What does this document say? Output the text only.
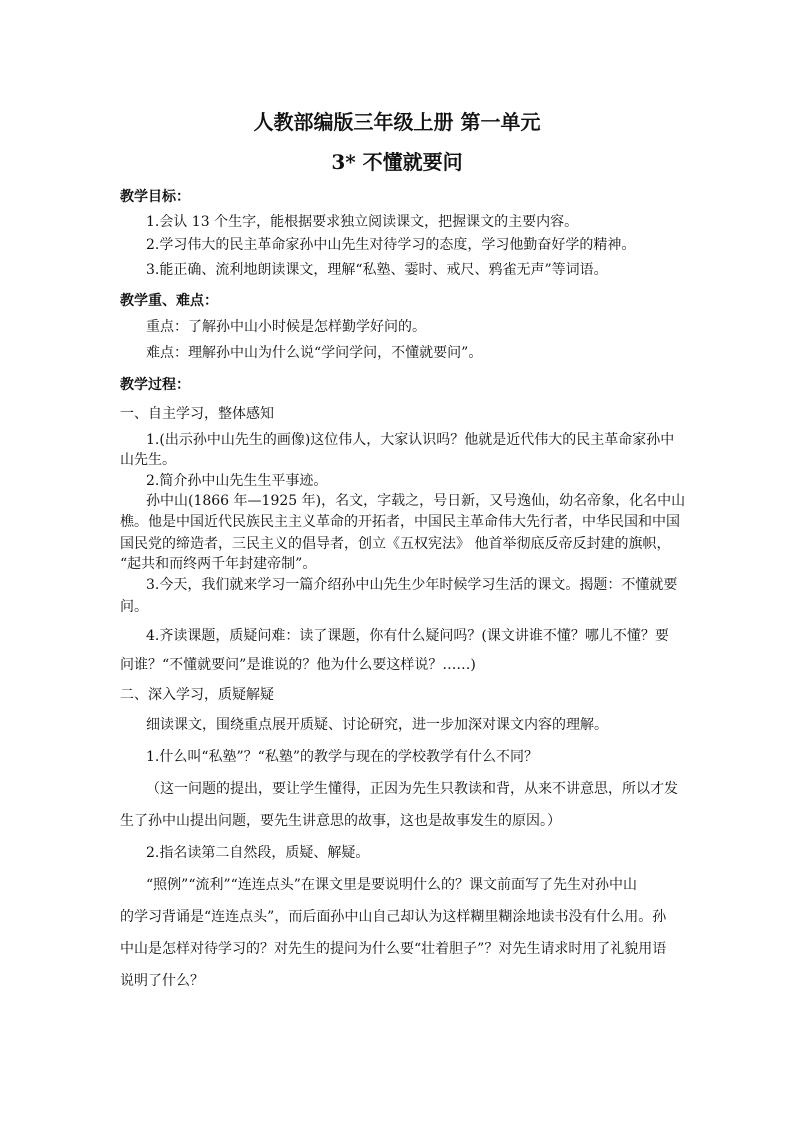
人教部编版三年级上册 第一单元
3* 不懂就要问
教学目标：
1.会认 13 个生字，能根据要求独立阅读课文，把握课文的主要内容。
2.学习伟大的民主革命家孙中山先生对待学习的态度，学习他勤奋好学的精神。
3.能正确、流利地朗读课文，理解“私塾、霎时、戒尺、鸦雀无声”等词语。
教学重、难点：
重点：了解孙中山小时候是怎样勤学好问的。
难点：理解孙中山为什么说“学问学问，不懂就要问”。
教学过程：
一、自主学习，整体感知
1.(出示孙中山先生的画像)这位伟人，大家认识吗？他就是近代伟大的民主革命家孙中
山先生。
2.简介孙中山先生生平事迹。
孙中山(1866 年—1925 年)，名文，字载之，号日新，又号逸仙，幼名帝象，化名中山
樵。他是中国近代民族民主主义革命的开拓者，中国民主革命伟大先行者，中华民国和中国
国民党的缔造者，三民主义的倡导者，创立《五权宪法》 他首举彻底反帝反封建的旗帜，
“起共和而终两千年封建帝制”。
3.今天，我们就来学习一篇介绍孙中山先生少年时候学习生活的课文。揭题：不懂就要
问。
4.齐读课题，质疑问难：读了课题，你有什么疑问吗？(课文讲谁不懂？哪儿不懂？要
问谁？“不懂就要问”是谁说的？他为什么要这样说？……)
二、深入学习，质疑解疑
细读课文，围绕重点展开质疑、讨论研究，进一步加深对课文内容的理解。
1.什么叫“私塾”？“私塾”的教学与现在的学校教学有什么不同？
（这一问题的提出，要让学生懂得，正因为先生只教读和背，从来不讲意思，所以才发
生了孙中山提出问题，要先生讲意思的故事，这也是故事发生的原因。）
2.指名读第二自然段，质疑、解疑。
“照例”“流利”“连连点头”在课文里是要说明什么的？课文前面写了先生对孙中山
的学习背诵是“连连点头”，而后面孙中山自己却认为这样糊里糊涂地读书没有什么用。孙
中山是怎样对待学习的？对先生的提问为什么要“壮着胆子”？对先生请求时用了礼貌用语
说明了什么？
